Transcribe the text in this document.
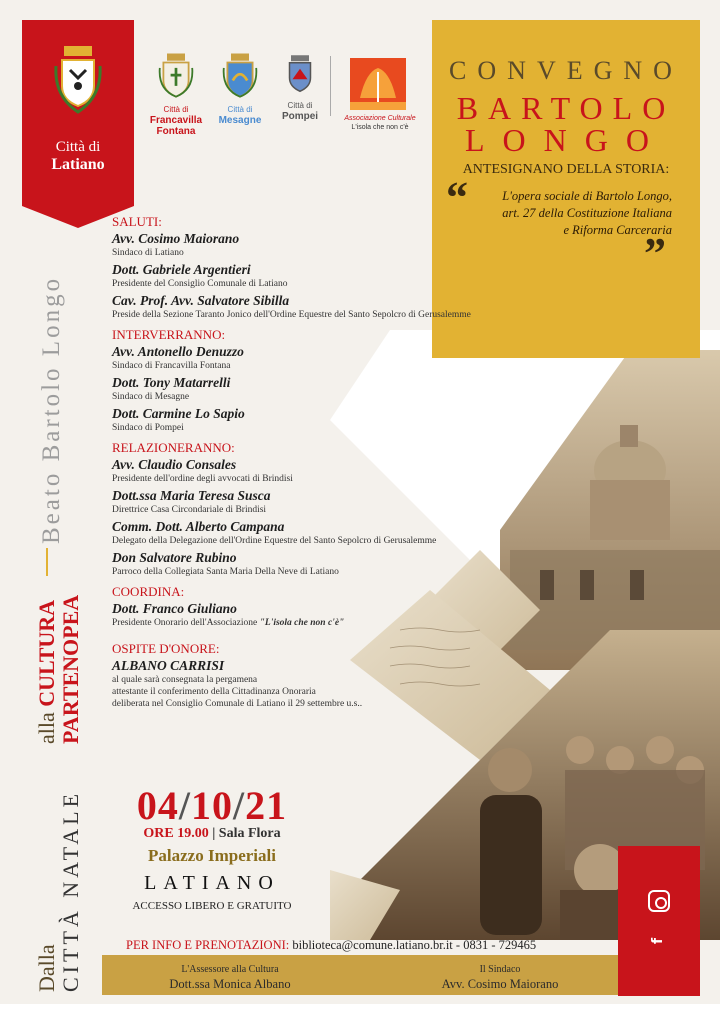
Città di
Latiano
Città di
Francavilla Fontana
Città di
Mesagne
Città di
Pompei	Associazione Culturale
L'isola che non c'è
CONVEGNO
BARTOLO
LONGO
ANTESIGNANO DELLA STORIA:
“	L'opera sociale di Bartolo Longo,
art. 27 della Costituzione Italiana
e Riforma Carceraria
”
Beato Bartolo Longo
alla CULTURA PARTENOPEA
Dalla CITTÀ NATALE
SALUTI:
Avv. Cosimo Maiorano
Sindaco di Latiano
Dott. Gabriele Argentieri
Presidente del Consiglio Comunale di Latiano
Cav. Prof. Avv. Salvatore Sibilla
Preside della Sezione Taranto Jonico dell'Ordine Equestre del Santo Sepolcro di Gerusalemme
INTERVERRANNO:
Avv. Antonello Denuzzo
Sindaco di Francavilla Fontana
Dott. Tony Matarrelli
Sindaco di Mesagne
Dott. Carmine Lo Sapio
Sindaco di Pompei
RELAZIONERANNO:
Avv. Claudio Consales
Presidente dell'ordine degli avvocati di Brindisi
Dott.ssa Maria Teresa Susca
Direttrice Casa Circondariale di Brindisi
Comm. Dott. Alberto Campana
Delegato della Delegazione dell'Ordine Equestre del Santo Sepolcro di Gerusalemme
Don Salvatore Rubino
Parroco della Collegiata Santa Maria Della Neve di Latiano
COORDINA:
Dott. Franco Giuliano
Presidente Onorario dell'Associazione "L'isola che non c'è"
OSPITE D'ONORE:
ALBANO CARRISI
al quale sarà consegnata la pergamena
attestante il conferimento della Cittadinanza Onoraria
deliberata nel Consiglio Comunale di Latiano il 29 settembre u.s..
04/10/21
ORE 19.00 | Sala Flora
Palazzo Imperiali
LATIANO
ACCESSO LIBERO E GRATUITO
PER INFO E PRENOTAZIONI: biblioteca@comune.latiano.br.it - 0831 - 729465
L'Assessore alla Cultura
Dott.ssa Monica Albano
Il Sindaco
Avv. Cosimo Maiorano
f
